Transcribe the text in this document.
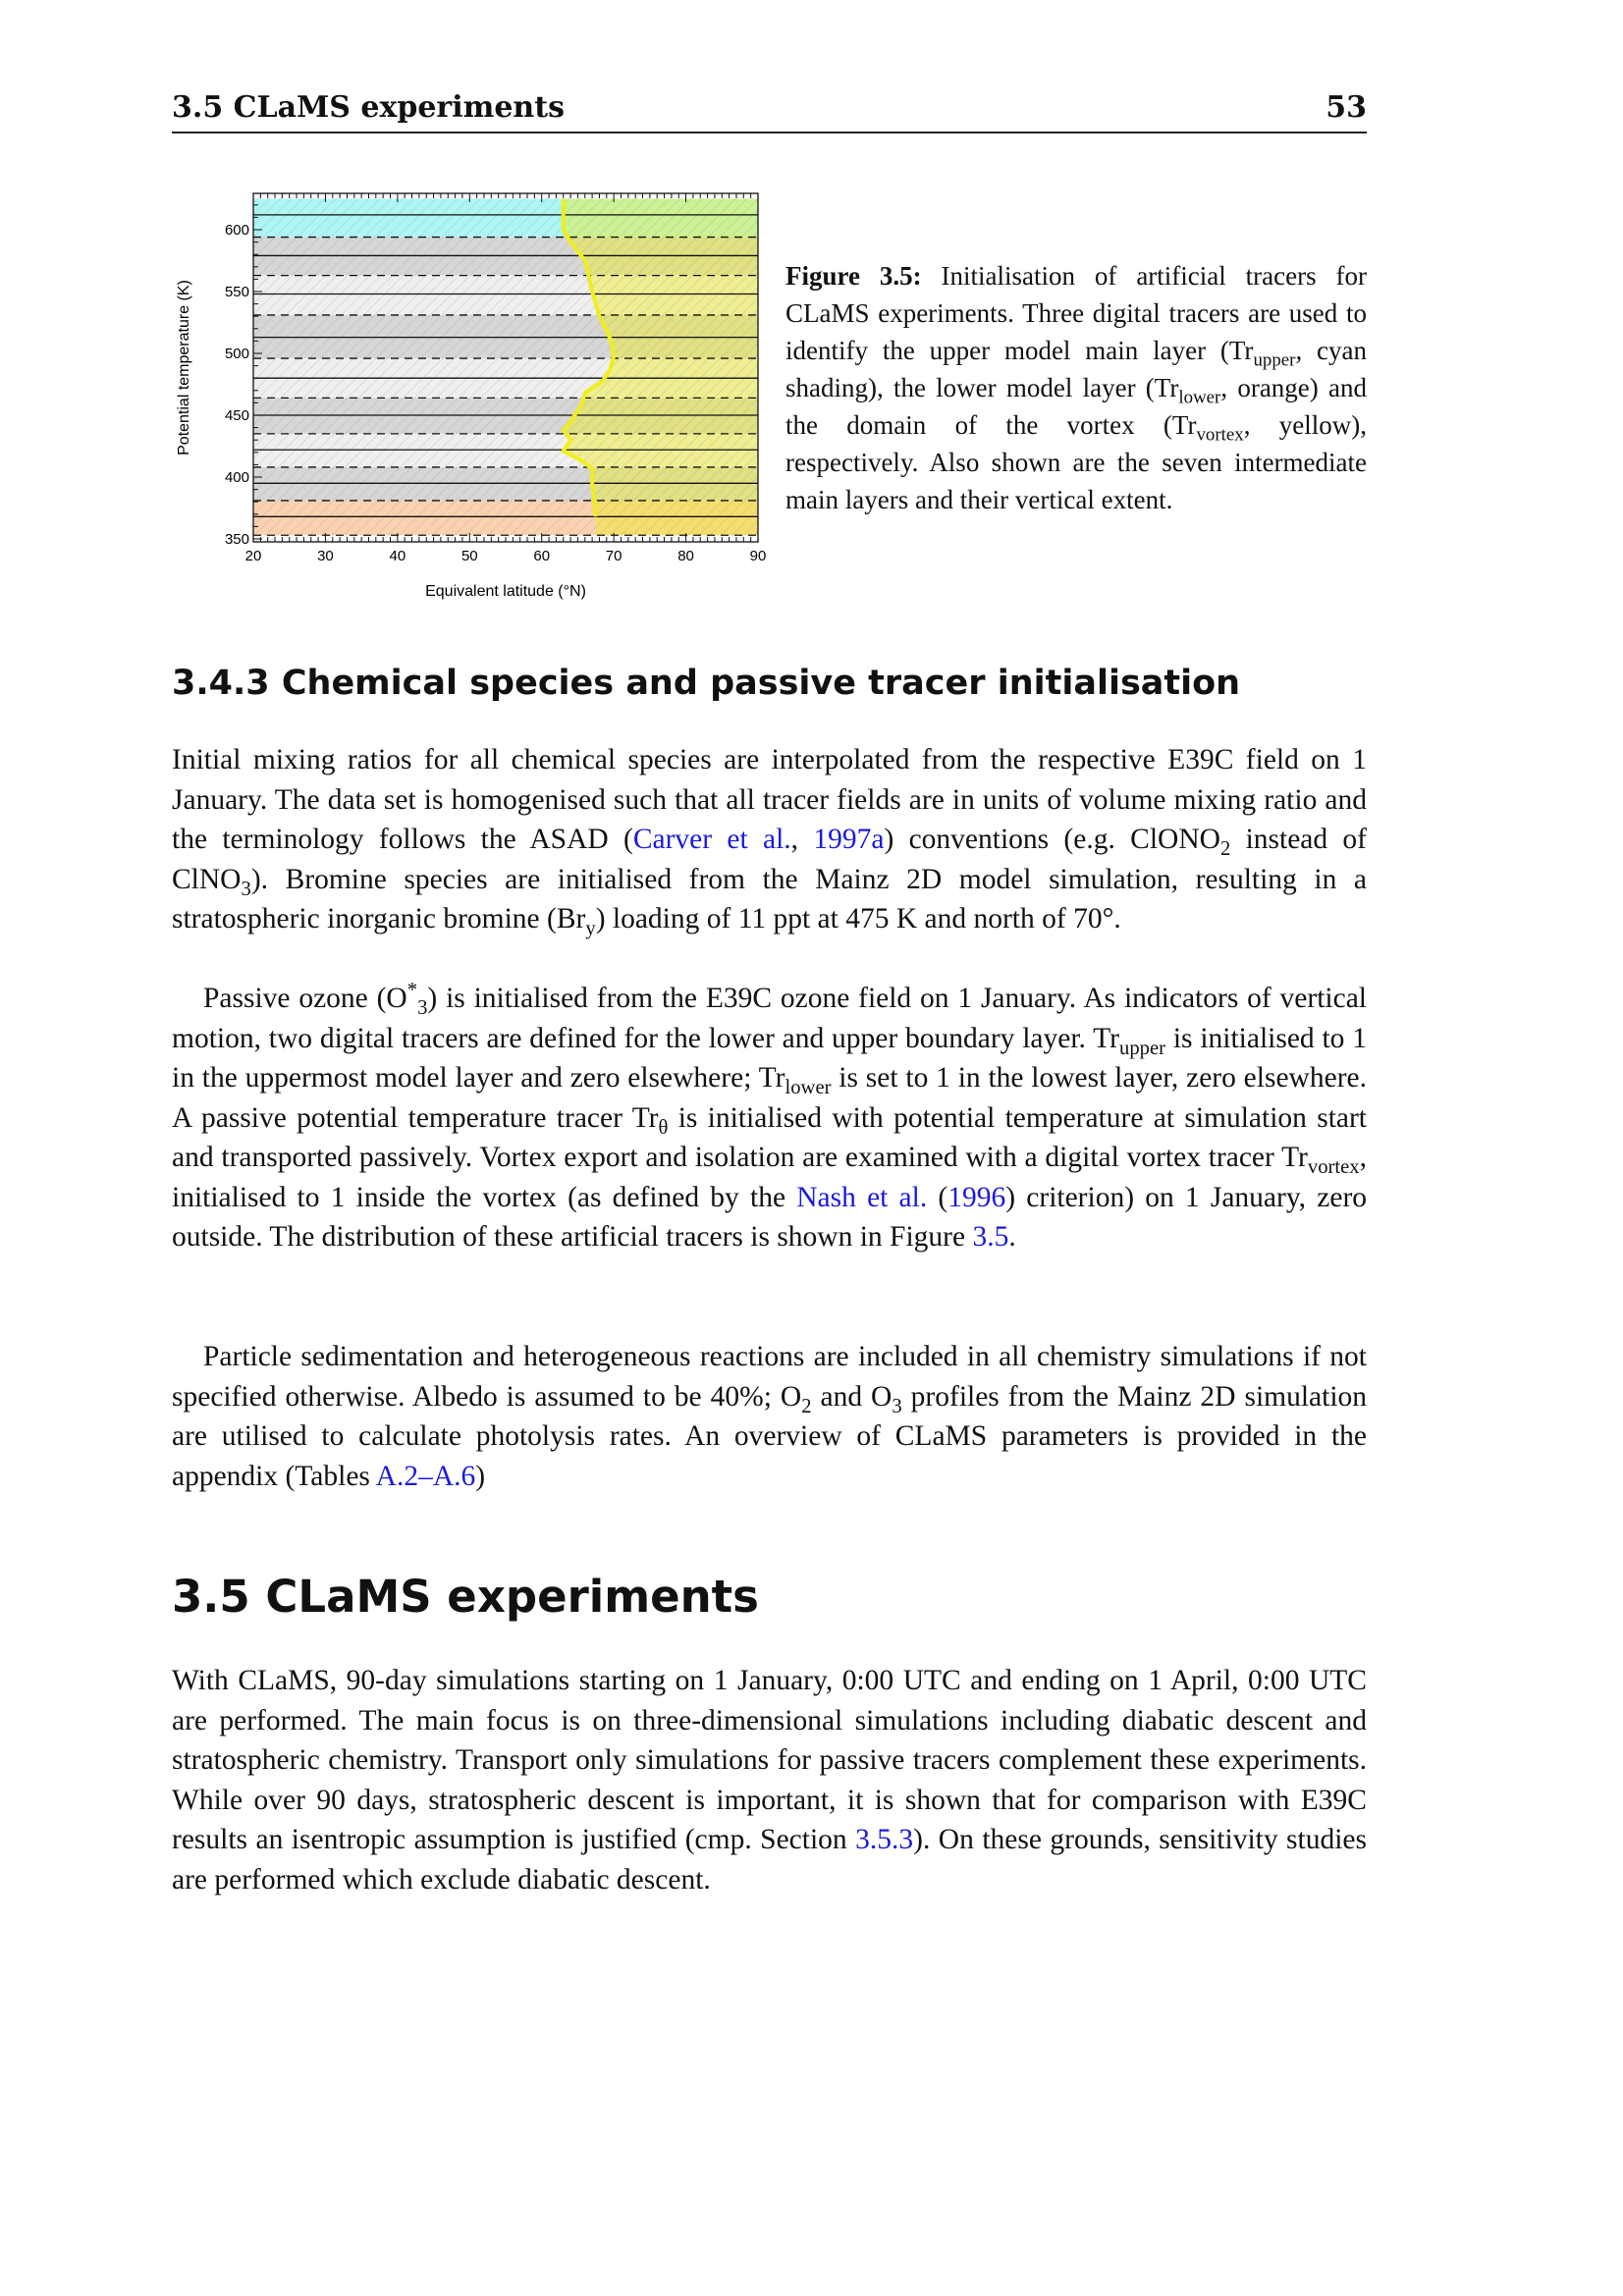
3.5 CLaMS experiments	53
20	30	40	50	60	70	80	90
350
400
450
500
550
600
Equivalent latitude (°N)
Potential temperature (K)
Figure 3.5: Initialisation of artificial tracers for CLaMS experiments. Three digital tracers are used to identify the upper model main layer ($Tr_{upper}$, cyan shading), the lower model layer ($Tr_{lower}$, orange) and the domain of the vortex ($Tr_{vortex}$, yellow), respectively. Also shown are the seven intermediate main layers and their vertical extent.
3.4.3 Chemical species and passive tracer initialisation
Initial mixing ratios for all chemical species are interpolated from the respective E39C field on 1 January. The data set is homogenised such that all tracer fields are in units of volume mixing ratio and the terminology follows the ASAD (Carver et al., 1997a) conventions (e.g. ClONO$_2$ instead of ClNO$_3$). Bromine species are initialised from the Mainz 2D model simulation, resulting in a stratospheric inorganic bromine $(Br_y)$ loading of 11 ppt at 475 K and north of 70°.
Passive ozone $(O^*_3)$ is initialised from the E39C ozone field on 1 January. As indicators of vertical motion, two digital tracers are defined for the lower and upper boundary layer. $Tr_{upper}$ is initialised to 1 in the uppermost model layer and zero elsewhere; $Tr_{lower}$ is set to 1 in the lowest layer, zero elsewhere. A passive potential temperature tracer $Tr_\theta$ is initialised with potential temperature at simulation start and transported passively. Vortex export and isolation are examined with a digital vortex tracer $Tr_{vortex}$, initialised to 1 inside the vortex (as defined by the Nash et al. (1996) criterion) on 1 January, zero outside. The distribution of these artificial tracers is shown in Figure 3.5.
Particle sedimentation and heterogeneous reactions are included in all chemistry simulations if not specified otherwise. Albedo is assumed to be 40%; $O_2$ and $O_3$ profiles from the Mainz 2D simulation are utilised to calculate photolysis rates. An overview of CLaMS parameters is provided in the appendix (Tables A.2–A.6)
3.5 CLaMS experiments
With CLaMS, 90-day simulations starting on 1 January, 0:00 UTC and ending on 1 April, 0:00 UTC are performed. The main focus is on three-dimensional simulations including diabatic descent and stratospheric chemistry. Transport only simulations for passive tracers complement these experiments. While over 90 days, stratospheric descent is important, it is shown that for comparison with E39C results an isentropic assumption is justified (cmp. Section 3.5.3). On these grounds, sensitivity studies are performed which exclude diabatic descent.
